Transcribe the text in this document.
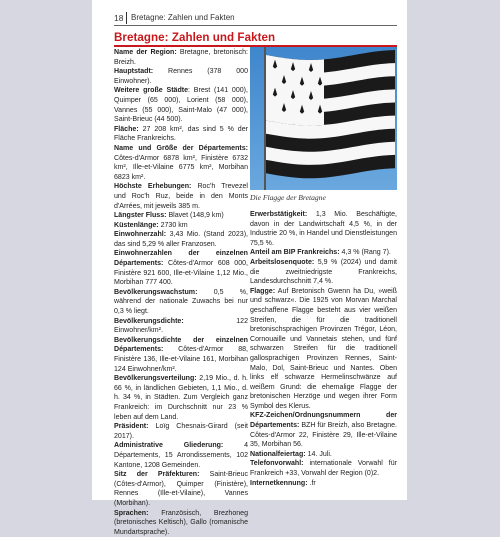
18 Bretagne: Zahlen und Fakten
Bretagne: Zahlen und Fakten

Name der Region: Bretagne, bretonisch: Breizh.

Hauptstadt: Rennes (378 000 Einwohner).

Weitere große Städte: Brest (141 000), Quimper (65 000), Lorient (58 000), Vannes (55 000), Saint-Malo (47 000), Saint-Brieuc (44 500).

Fläche: 27 208 km², das sind 5 % der Fläche Frankreichs.

Name und Größe der Départements: Côtes-d'Armor 6878 km², Finistère 6732 km², Ille-et-Vilaine 6775 km², Morbihan 6823 km².

Höchste Erhebungen: Roc'h Trevezel und Roc'h Ruz, beide in den Monts d'Arrées, mit jeweils 385 m.

Längster Fluss: Blavet (148,9 km)

Küstenlänge: 2730 km

Einwohnerzahl: 3,43 Mio. (Stand 2023), das sind 5,29 % aller Franzosen.

Einwohnerzahlen der einzelnen Départements: Côtes-d'Armor 608 000, Finistère 921 600, Ille-et-Vilaine 1,12 Mio., Morbihan 777 400.

Bevölkerungswachstum: 0,5 %, während der nationale Zuwachs bei nur 0,3 % liegt.

Bevölkerungsdichte: 122 Einwohner/km².

Bevölkerungsdichte der einzelnen Départements: Côtes-d'Armor 88, Finistère 136, Ille-et-Vilaine 161, Morbihan 124 Einwohner/km².

Bevölkerungsverteilung: 2,19 Mio., d. h. 66 %, in ländlichen Gebieten, 1,1 Mio., d. h. 34 %, in Städten. Zum Vergleich ganz Frankreich: im Durchschnitt nur 23 % leben auf dem Land.

Präsident: Loïg Chesnais-Girard (seit 2017).

Administrative Gliederung: 4 Départements, 15 Arrondissements, 102 Kantone, 1208 Gemeinden.

Sitz der Präfekturen: Saint-Brieuc (Côtes-d'Armor), Quimper (Finistère), Rennes (Ille-et-Vilaine), Vannes (Morbihan).

Sprachen: Französisch, Brezhoneg (bretonisches Keltisch), Gallo (romanische Mundartsprache).

Die Flagge der Bretagne

Erwerbstätigkeit: 1,3 Mio. Beschäftigte, davon in der Landwirtschaft 4,5 %, in der Industrie 20 %, in Handel und Dienstleistungen 75,5 %.

Anteil am BIP Frankreichs: 4,3 % (Rang 7).

Arbeitslosenquote: 5,9 % (2024) und damit die zweitniedrigste Frankreichs, Landesdurchschnitt 7,4 %.

Flagge: Auf Bretonisch Gwenn ha Du, »weiß und schwarz«. Die 1925 von Morvan Marchal geschaffene Flagge besteht aus vier weißen Streifen, die für die traditionell bretonischsprachigen Provinzen Trégor, Léon, Cornouaille und Vannetais stehen, und fünf schwarzen Streifen für die traditionell gallosprachigen Provinzen Rennes, Saint-Malo, Dol, Saint-Brieuc und Nantes. Oben links elf schwarze Hermelinschwänze auf weißem Grund: die ehemalige Flagge der bretonischen Herzöge und wegen ihrer Form Symbol des Klerus.

KFZ-Zeichen/Ordnungsnummern der Départements: BZH für Breizh, also Bretagne. Côtes-d'Armor 22, Finistère 29, Ille-et-Vilaine 35, Morbihan 56.

Nationalfeiertag: 14. Juli.

Telefonvorwahl: internationale Vorwahl für Frankreich +33, Vorwahl der Region (0)2.

Internetkennung: .fr
